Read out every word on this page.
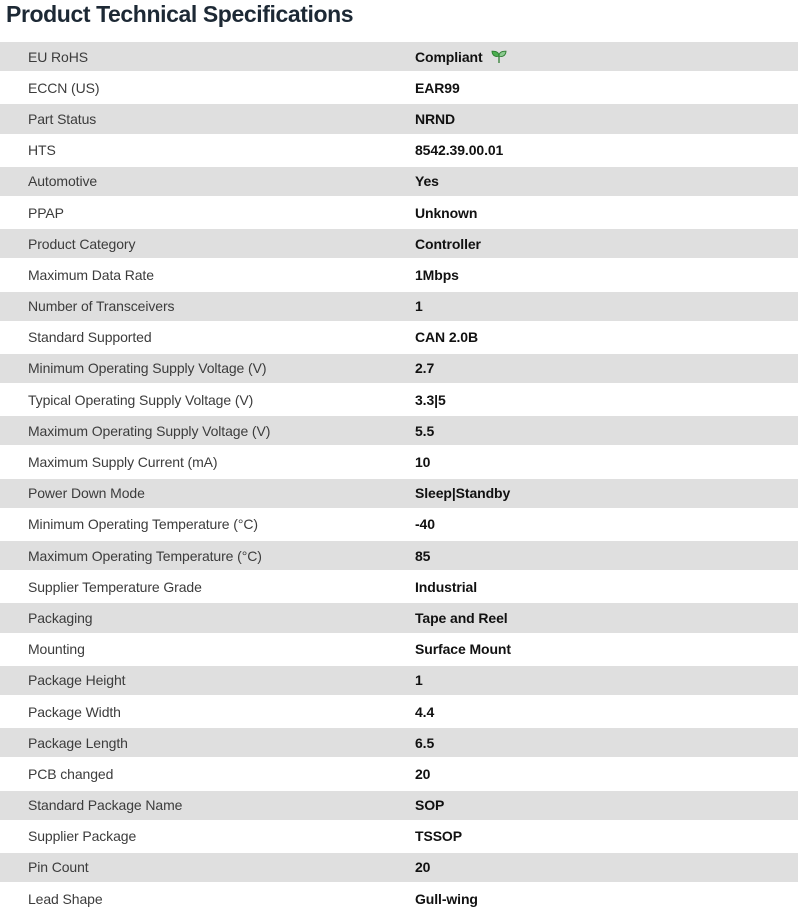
Product Technical Specifications
EU RoHS	Compliant
ECCN (US)	EAR99
Part Status	NRND
HTS	8542.39.00.01
Automotive	Yes
PPAP	Unknown
Product Category	Controller
Maximum Data Rate	1Mbps
Number of Transceivers	1
Standard Supported	CAN 2.0B
Minimum Operating Supply Voltage (V)	2.7
Typical Operating Supply Voltage (V)	3.3|5
Maximum Operating Supply Voltage (V)	5.5
Maximum Supply Current (mA)	10
Power Down Mode	Sleep|Standby
Minimum Operating Temperature (°C)	-40
Maximum Operating Temperature (°C)	85
Supplier Temperature Grade	Industrial
Packaging	Tape and Reel
Mounting	Surface Mount
Package Height	1
Package Width	4.4
Package Length	6.5
PCB changed	20
Standard Package Name	SOP
Supplier Package	TSSOP
Pin Count	20
Lead Shape	Gull-wing
